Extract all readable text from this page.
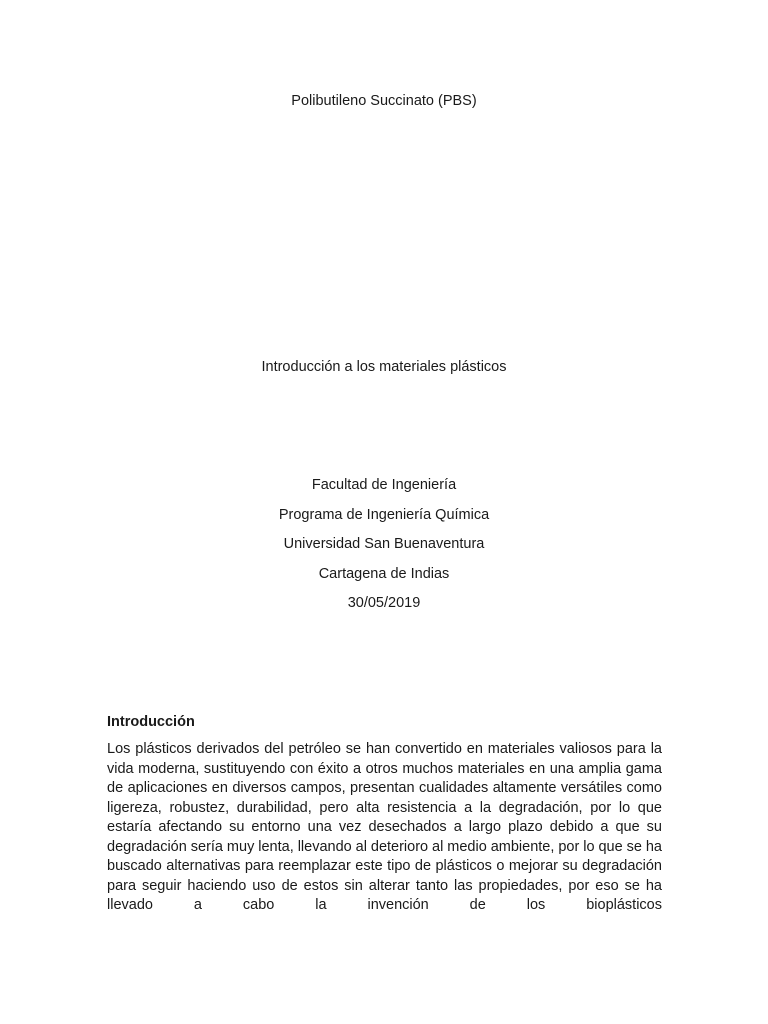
Polibutileno Succinato (PBS)

Introducción a los materiales plásticos

Facultad de Ingeniería
Programa de Ingeniería Química
Universidad San Buenaventura
Cartagena de Indias
30/05/2019
Introducción

Los plásticos derivados del petróleo se han convertido en materiales valiosos para la vida moderna, sustituyendo con éxito a otros muchos materiales en una amplia gama de aplicaciones en diversos campos, presentan cualidades altamente versátiles como ligereza, robustez, durabilidad, pero alta resistencia a la degradación, por lo que estaría afectando su entorno una vez desechados a largo plazo debido a que su degradación sería muy lenta, llevando al deterioro al medio ambiente, por lo que se ha buscado alternativas para reemplazar este tipo de plásticos o mejorar su degradación para seguir haciendo uso de estos sin alterar tanto las propiedades, por eso se ha llevado a cabo la invención de los bioplásticos
